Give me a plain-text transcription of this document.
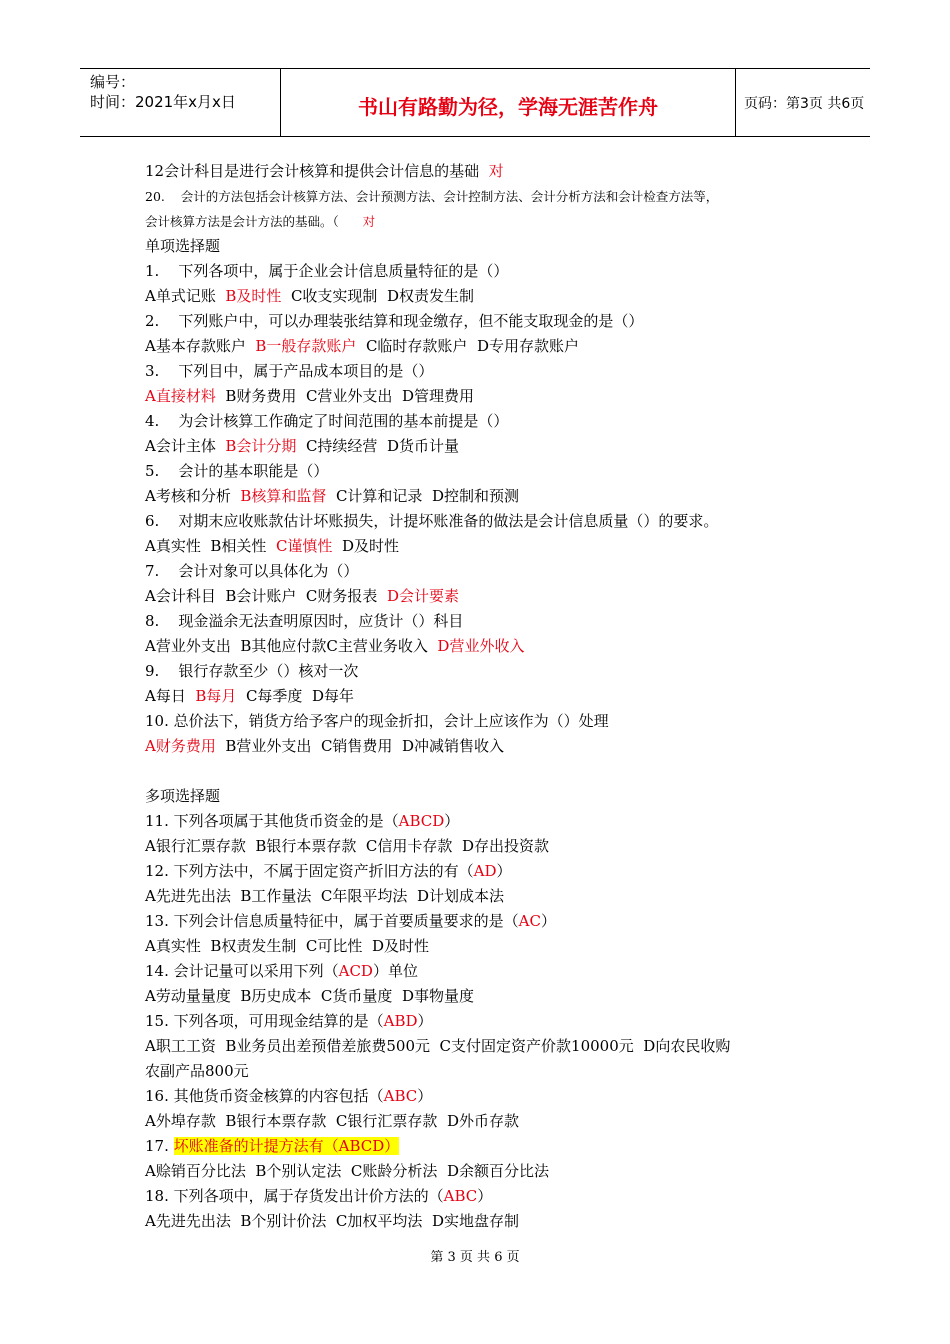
编号：
时间：2021年x月x日	书山有路勤为径，学海无涯苦作舟	页码：第3页 共6页
12会计科目是进行会计核算和提供会计信息的基础  对
20.    会计的方法包括会计核算方法、会计预测方法、会计控制方法、会计分析方法和会计检查方法等，
会计核算方法是会计方法的基础。（      对
单项选择题
1.    下列各项中，属于企业会计信息质量特征的是（）
A单式记账  B及时性  C收支实现制  D权责发生制
2.    下列账户中，可以办理装张结算和现金缴存，但不能支取现金的是（）
A基本存款账户  B一般存款账户  C临时存款账户  D专用存款账户
3.    下列目中，属于产品成本项目的是（）
A直接材料  B财务费用  C营业外支出  D管理费用
4.    为会计核算工作确定了时间范围的基本前提是（）
A会计主体  B会计分期  C持续经营  D货币计量
5.    会计的基本职能是（）
A考核和分析  B核算和监督  C计算和记录  D控制和预测
6.    对期末应收账款估计坏账损失，计提坏账准备的做法是会计信息质量（）的要求。
A真实性  B相关性  C谨慎性  D及时性
7.    会计对象可以具体化为（）
A会计科目  B会计账户  C财务报表  D会计要素
8.    现金溢余无法查明原因时，应货计（）科目
A营业外支出  B其他应付款C主营业务收入  D营业外收入
9.    银行存款至少（）核对一次
A每日  B每月  C每季度  D每年
10. 总价法下，销货方给予客户的现金折扣，会计上应该作为（）处理
A财务费用  B营业外支出  C销售费用  D冲减销售收入
多项选择题
11. 下列各项属于其他货币资金的是（ABCD）
A银行汇票存款  B银行本票存款  C信用卡存款  D存出投资款
12. 下列方法中，不属于固定资产折旧方法的有（AD）
A先进先出法  B工作量法  C年限平均法  D计划成本法
13. 下列会计信息质量特征中，属于首要质量要求的是（AC）
A真实性  B权责发生制  C可比性  D及时性
14. 会计记量可以采用下列（ACD）单位
A劳动量量度  B历史成本  C货币量度  D事物量度
15. 下列各项，可用现金结算的是（ABD）
A职工工资  B业务员出差预借差旅费500元  C支付固定资产价款10000元  D向农民收购
农副产品800元
16. 其他货币资金核算的内容包括（ABC）
A外埠存款  B银行本票存款  C银行汇票存款  D外币存款
17. 坏账准备的计提方法有（ABCD）
A赊销百分比法  B个别认定法  C账龄分析法  D余额百分比法
18. 下列各项中，属于存货发出计价方法的（ABC）
A先进先出法  B个别计价法  C加权平均法  D实地盘存制
第 3 页 共 6 页
